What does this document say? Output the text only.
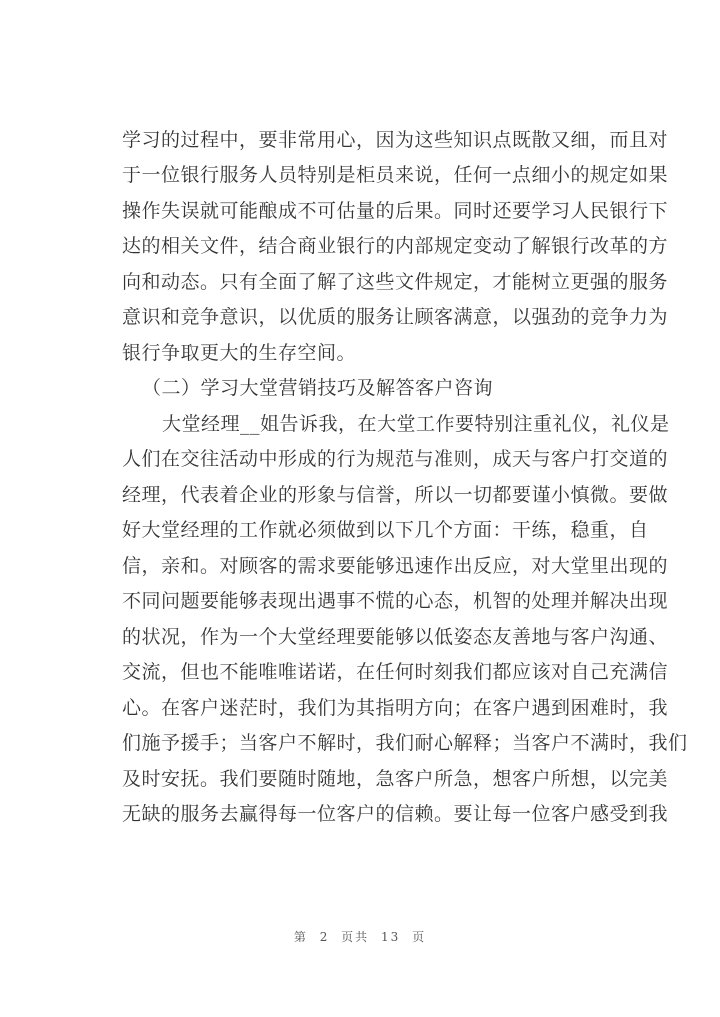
学习的过程中，要非常用心，因为这些知识点既散又细，而且对
于一位银行服务人员特别是柜员来说，任何一点细小的规定如果
操作失误就可能酿成不可估量的后果。同时还要学习人民银行下
达的相关文件，结合商业银行的内部规定变动了解银行改革的方
向和动态。只有全面了解了这些文件规定，才能树立更强的服务
意识和竞争意识，以优质的服务让顾客满意，以强劲的竞争力为
银行争取更大的生存空间。
（二）学习大堂营销技巧及解答客户咨询
大堂经理__姐告诉我，在大堂工作要特别注重礼仪，礼仪是
人们在交往活动中形成的行为规范与准则，成天与客户打交道的
经理，代表着企业的形象与信誉，所以一切都要谨小慎微。要做
好大堂经理的工作就必须做到以下几个方面：干练，稳重，自
信，亲和。对顾客的需求要能够迅速作出反应，对大堂里出现的
不同问题要能够表现出遇事不慌的心态，机智的处理并解决出现
的状况，作为一个大堂经理要能够以低姿态友善地与客户沟通、
交流，但也不能唯唯诺诺，在任何时刻我们都应该对自己充满信
心。在客户迷茫时，我们为其指明方向；在客户遇到困难时，我
们施予援手；当客户不解时，我们耐心解释；当客户不满时，我们
及时安抚。我们要随时随地，急客户所急，想客户所想，以完美
无缺的服务去赢得每一位客户的信赖。要让每一位客户感受到我
第 2 页共 13 页
